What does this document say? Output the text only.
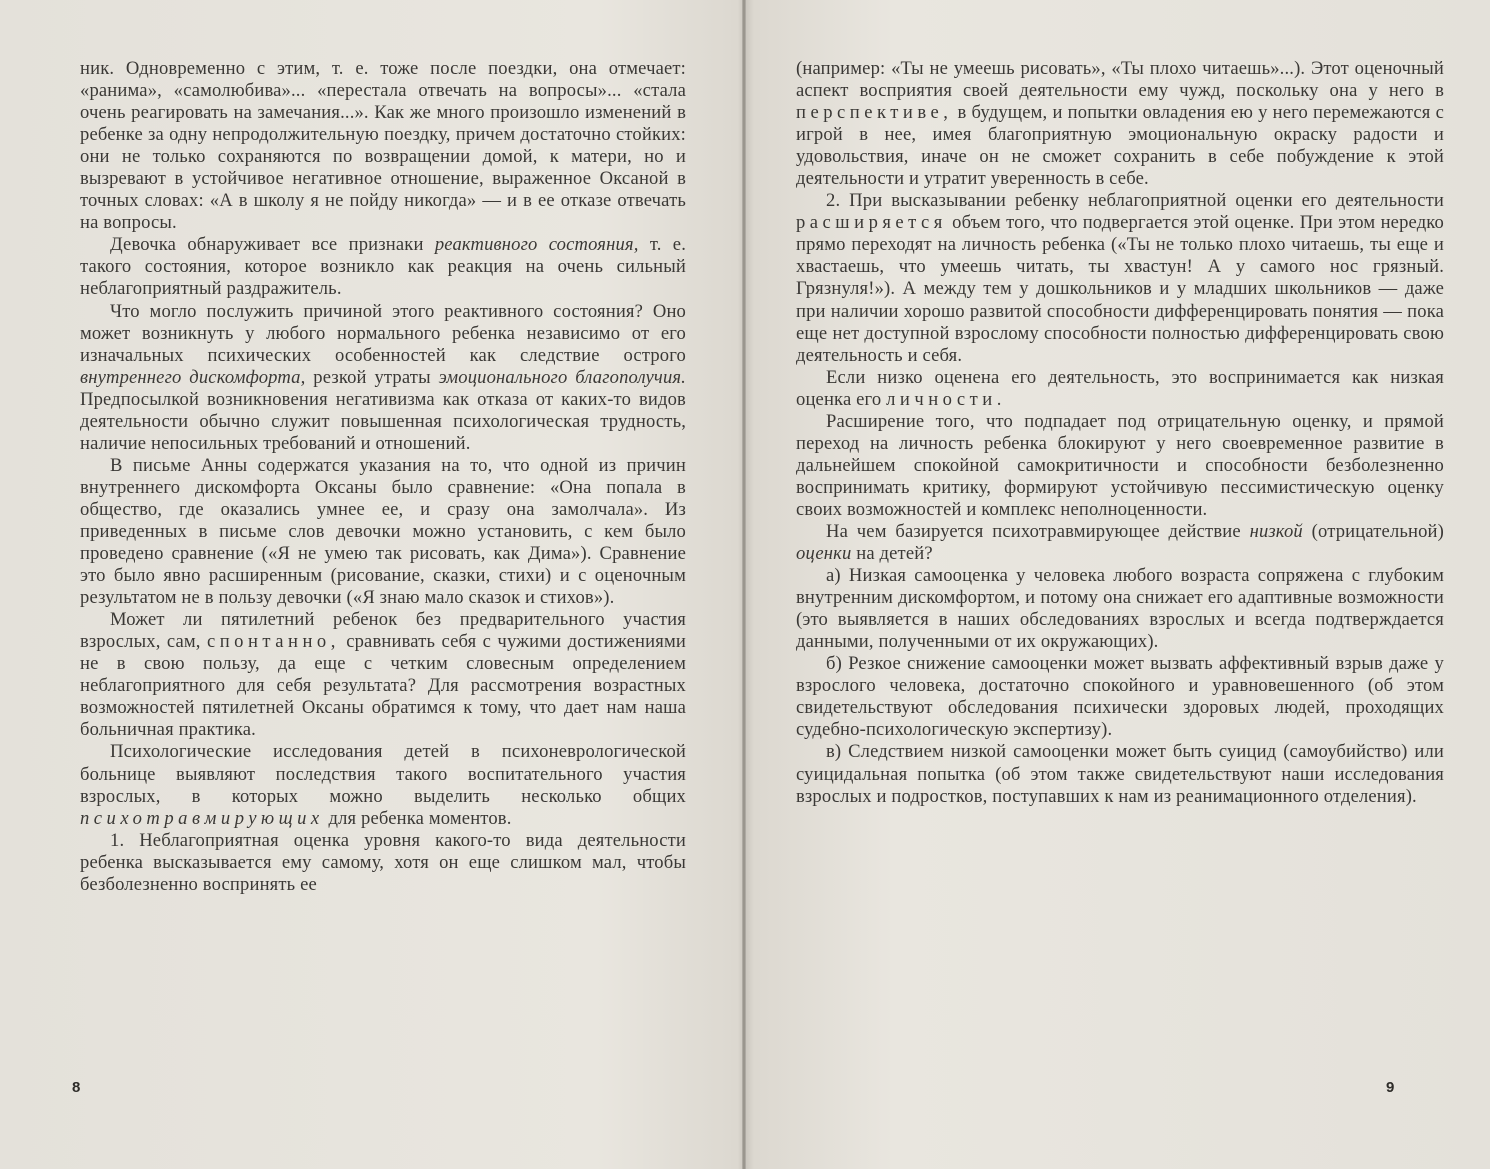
ник. Одновременно с этим, т. е. тоже после поездки, она отмечает: «ранима», «самолюбива»... «перестала отвечать на вопросы»... «стала очень реагировать на замечания...». Как же много произошло изменений в ребенке за одну непродолжительную поездку, причем достаточно стойких: они не только сохраняются по возвращении домой, к матери, но и вызревают в устойчивое негативное отношение, выраженное Оксаной в точных словах: «А в школу я не пойду никогда» — и в ее отказе отвечать на вопросы.

Девочка обнаруживает все признаки реактивного состояния, т. е. такого состояния, которое возникло как реакция на очень сильный неблагоприятный раздражитель.

Что могло послужить причиной этого реактивного состояния? Оно может возникнуть у любого нормального ребенка независимо от его изначальных психических особенностей как следствие острого внутреннего дискомфорта, резкой утраты эмоционального благополучия. Предпосылкой возникновения негативизма как отказа от каких-то видов деятельности обычно служит повышенная психологическая трудность, наличие непосильных требований и отношений.

В письме Анны содержатся указания на то, что одной из причин внутреннего дискомфорта Оксаны было сравнение: «Она попала в общество, где оказались умнее ее, и сразу она замолчала». Из приведенных в письме слов девочки можно установить, с кем было проведено сравнение («Я не умею так рисовать, как Дима»). Сравнение это было явно расширенным (рисование, сказки, стихи) и с оценочным результатом не в пользу девочки («Я знаю мало сказок и стихов»).

Может ли пятилетний ребенок без предварительного участия взрослых, сам, спонтанно, сравнивать себя с чужими достижениями не в свою пользу, да еще с четким словесным определением неблагоприятного для себя результата? Для рассмотрения возрастных возможностей пятилетней Оксаны обратимся к тому, что дает нам наша больничная практика.

Психологические исследования детей в психоневрологической больнице выявляют последствия такого воспитательного участия взрослых, в которых можно выделить несколько общих психотравмирующих для ребенка моментов.

1. Неблагоприятная оценка уровня какого-то вида деятельности ребенка высказывается ему самому, хотя он еще слишком мал, чтобы безболезненно воспринять ее

8

(например: «Ты не умеешь рисовать», «Ты плохо читаешь»...). Этот оценочный аспект восприятия своей деятельности ему чужд, поскольку она у него в перспективе, в будущем, и попытки овладения ею у него перемежаются с игрой в нее, имея благоприятную эмоциональную окраску радости и удовольствия, иначе он не сможет сохранить в себе побуждение к этой деятельности и утратит уверенность в себе.

2. При высказывании ребенку неблагоприятной оценки его деятельности расширяется объем того, что подвергается этой оценке. При этом нередко прямо переходят на личность ребенка («Ты не только плохо читаешь, ты еще и хвастаешь, что умеешь читать, ты хвастун! А у самого нос грязный. Грязнуля!»). А между тем у дошкольников и у младших школьников — даже при наличии хорошо развитой способности дифференцировать понятия — пока еще нет доступной взрослому способности полностью дифференцировать свою деятельность и себя.

Если низко оценена его деятельность, это воспринимается как низкая оценка его личности.

Расширение того, что подпадает под отрицательную оценку, и прямой переход на личность ребенка блокируют у него своевременное развитие в дальнейшем спокойной самокритичности и способности безболезненно воспринимать критику, формируют устойчивую пессимистическую оценку своих возможностей и комплекс неполноценности.

На чем базируется психотравмирующее действие низкой (отрицательной) оценки на детей?

а) Низкая самооценка у человека любого возраста сопряжена с глубоким внутренним дискомфортом, и потому она снижает его адаптивные возможности (это выявляется в наших обследованиях взрослых и всегда подтверждается данными, полученными от их окружающих).

б) Резкое снижение самооценки может вызвать аффективный взрыв даже у взрослого человека, достаточно спокойного и уравновешенного (об этом свидетельствуют обследования психически здоровых людей, проходящих судебно-психологическую экспертизу).

в) Следствием низкой самооценки может быть суицид (самоубийство) или суицидальная попытка (об этом также свидетельствуют наши исследования взрослых и подростков, поступавших к нам из реанимационного отделения).

9
